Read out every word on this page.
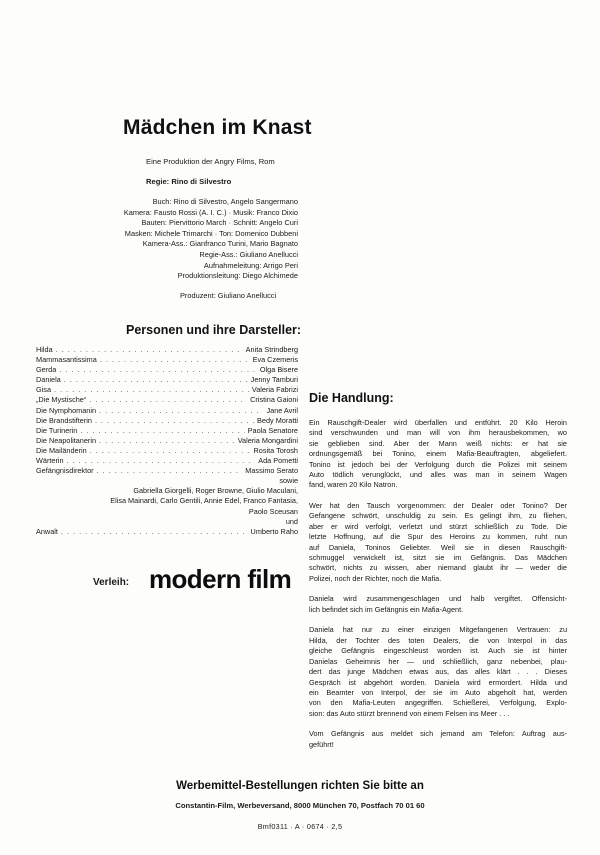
Mädchen im Knast
Eine Produktion der Angry Films, Rom
Regie: Rino di Silvestro
Buch: Rino di Silvestro, Angelo Sangermano
Kamera: Fausto Rossi (A. I. C.) · Musik: Franco Dixio
Bauten: Piervittorio March · Schnitt: Angelo Curi
Masken: Michele Trimarchi · Ton: Domenico Dubbeni
Kamera-Ass.: Gianfranco Turini, Mario Bagnato
Regie-Ass.: Giuliano Anellucci
Aufnahmeleitung: Arrigo Peri
Produktionsleitung: Diego Alchimede
Produzent: Giuliano Anellucci
Personen und ihre Darsteller:
Hilda . . .	Anita Strindberg
Mammasantissima . . .	Eva Czemeris
Gerda . . .	Olga Bisere
Daniela . . .	Jenny Tamburi
Gisa . . .	Valeria Fabrizi
„Die Mystische“ . . .	Cristina Gaioni
Die Nymphomanin . . .	Jane Avril
Die Brandstifterin . . .	Bedy Moratti
Die Turinerin . . .	Paola Senatore
Die Neapolitanerin . . .	Valeria Mongardini
Die Mailänderin . . .	Rosita Torosh
Wärterin . . .	Ada Pometti
Gefängnisdirektor . . .	Massimo Serato
sowie
Gabriella Giorgelli, Roger Browne, Giulio Maculani,
Elisa Mainardi, Carlo Gentili, Annie Edel, Franco Fantasia,
Paolo Sceusan
und
Anwalt . . .	Umberto Raho
Verleih: modern film
Die Handlung:

Ein Rauschgift-Dealer wird überfallen und entführt. 20 Kilo Heroin
sind verschwunden und man will von ihm herausbekommen, wo
sie geblieben sind. Aber der Mann weiß nichts: er hat sie
ordnungsgemäß bei Tonino, einem Mafia-Beauftragten, abgeliefert.
Tonino ist jedoch bei der Verfolgung durch die Polizei mit seinem
Auto tödlich verunglückt, und alles was man in seinem Wagen
fand, waren 20 Kilo Natron.

Wer hat den Tausch vorgenommen: der Dealer oder Tonino? Der
Gefangene schwört, unschuldig zu sein. Es gelingt ihm, zu fliehen,
aber er wird verfolgt, verletzt und stürzt schließlich zu Tode. Die
letzte Hoffnung, auf die Spur des Heroins zu kommen, ruht nun
auf Daniela, Toninos Geliebter. Weil sie in diesen Rauschgift-
schmuggel verwickelt ist, sitzt sie im Gefängnis. Das Mädchen
schwört, nichts zu wissen, aber niemand glaubt ihr — weder die
Polizei, noch der Richter, noch die Mafia.

Daniela wird zusammengeschlagen und halb vergiftet. Offensicht-
lich befindet sich im Gefängnis ein Mafia-Agent.

Daniela hat nur zu einer einzigen Mitgefangenen Vertrauen: zu
Hilda, der Tochter des toten Dealers, die von Interpol in das
gleiche Gefängnis eingeschleust worden ist. Auch sie ist hinter
Danielas Geheimnis her — und schließlich, ganz nebenbei, plau-
dert das junge Mädchen etwas aus, das alles klärt . . . Dieses
Gespräch ist abgehört worden. Daniela wird ermordert. Hilda und
ein Beamter von Interpol, der sie im Auto abgeholt hat, werden
von den Mafia-Leuten angegriffen. Schießerei, Verfolgung, Explo-
sion: das Auto stürzt brennend von einem Felsen ins Meer . . .

Vom Gefängnis aus meldet sich jemand am Telefon: Auftrag aus-
geführt!

Werbemittel-Bestellungen richten Sie bitte an
Constantin-Film, Werbeversand, 8000 München 70, Postfach 70 01 60
Bmf0311 · A · 0674 · 2,5
